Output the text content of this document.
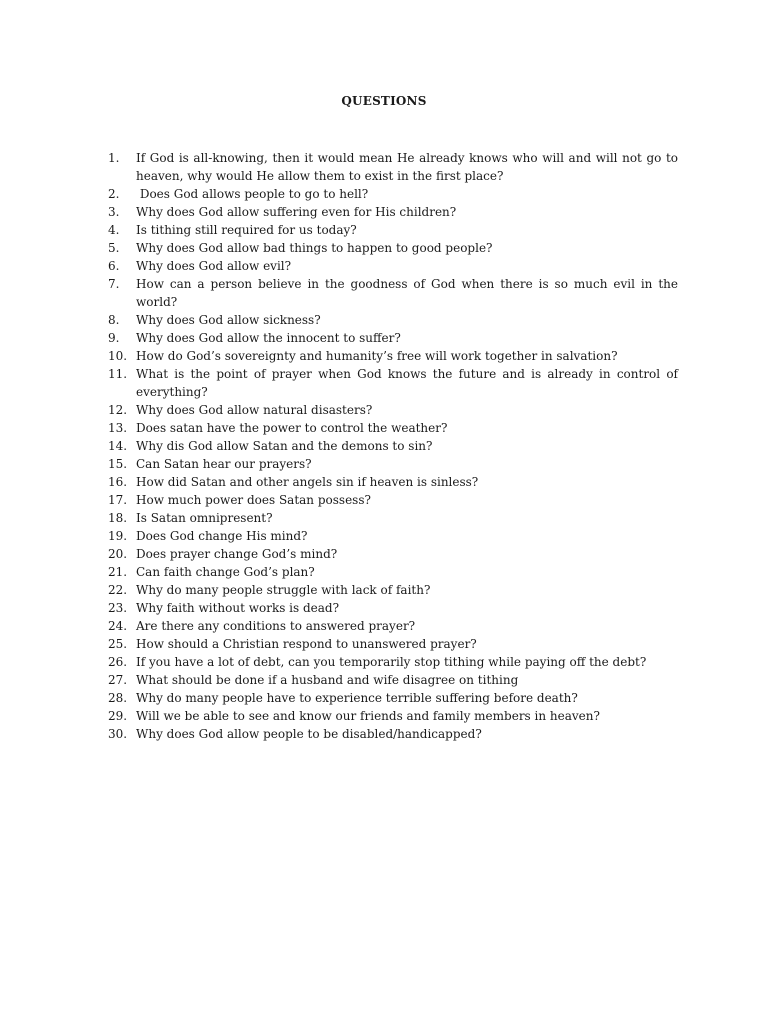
QUESTIONS
1.	If God is all-knowing, then it would mean He already knows who will and will not go to heaven, why would He allow them to exist in the first place?
2.	Does God allows people to go to hell?
3.	Why does God allow suffering even for His children?
4.	Is tithing still required for us today?
5.	Why does God allow bad things to happen to good people?
6.	Why does God allow evil?
7.	How can a person believe in the goodness of God when there is so much evil in the world?
8.	Why does God allow sickness?
9.	Why does God allow the innocent to suffer?
10. How do God’s sovereignty and humanity’s free will work together in salvation?
11. What is the point of prayer when God knows the future and is already in control of everything?
12. Why does God allow natural disasters?
13. Does satan have the power to control the weather?
14. Why dis God allow Satan and the demons to sin?
15. Can Satan hear our prayers?
16. How did Satan and other angels sin if heaven is sinless?
17. How much power does Satan possess?
18. Is Satan omnipresent?
19. Does God change His mind?
20. Does prayer change God’s mind?
21. Can faith change God’s plan?
22. Why do many people struggle with lack of faith?
23. Why faith without works is dead?
24. Are there any conditions to answered prayer?
25. How should a Christian respond to unanswered prayer?
26. If you have a lot of debt, can you temporarily stop tithing while paying off the debt?
27. What should be done if a husband and wife disagree on tithing
28. Why do many people have to experience terrible suffering before death?
29. Will we be able to see and know our friends and family members in heaven?
30. Why does God allow people to be disabled/handicapped?
